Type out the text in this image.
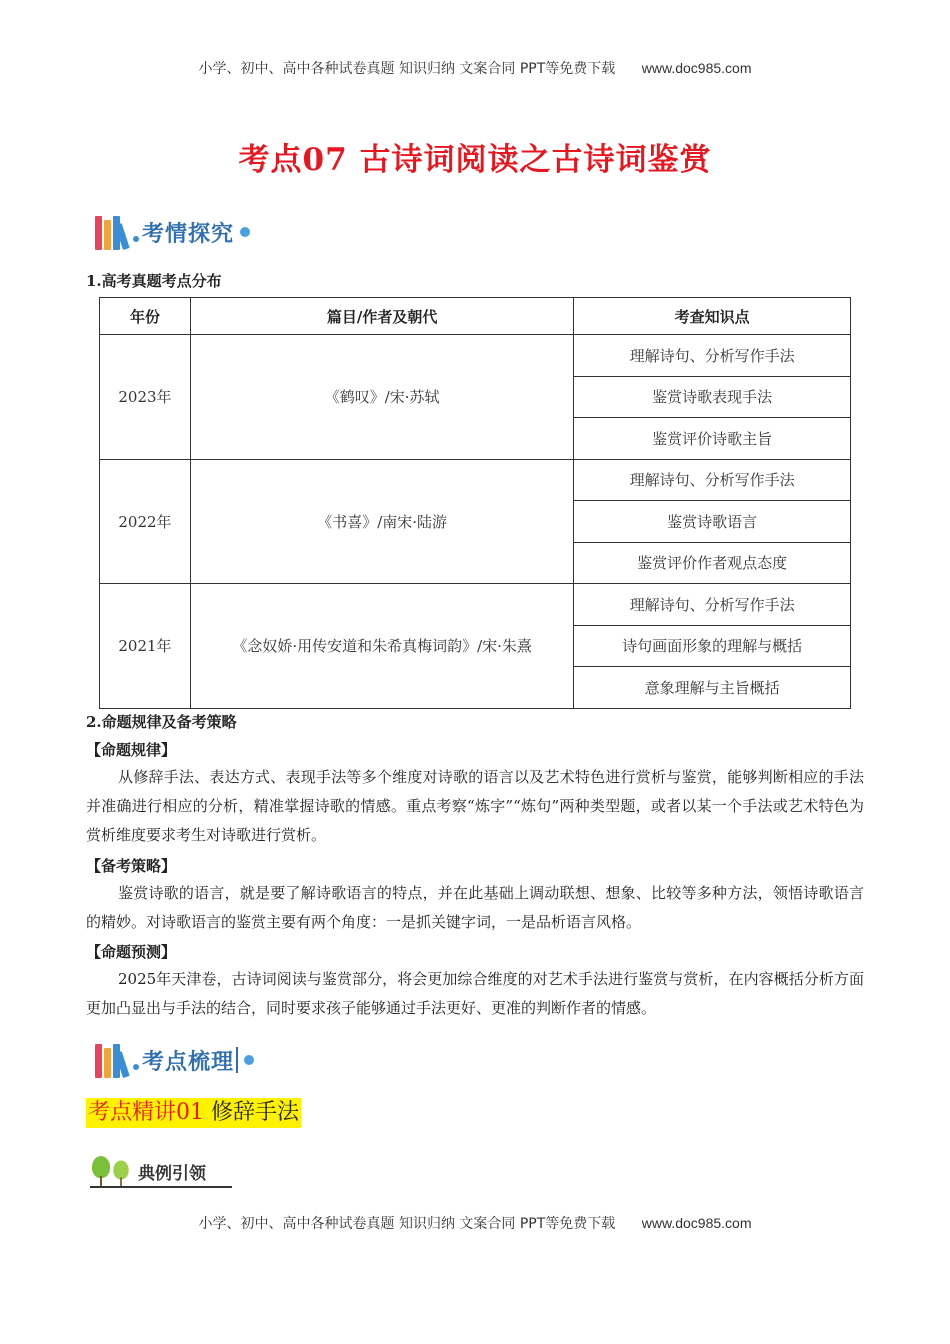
小学、初中、高中各种试卷真题 知识归纳 文案合同 PPT等免费下载 www.doc985.com
考点07 古诗词阅读之古诗词鉴赏
考情探究
1.高考真题考点分布
年份	篇目/作者及朝代	考查知识点
2023年	《鹤叹》/宋·苏轼	理解诗句、分析写作手法
		鉴赏诗歌表现手法
		鉴赏评价诗歌主旨
2022年	《书喜》/南宋·陆游	理解诗句、分析写作手法
		鉴赏诗歌语言
		鉴赏评价作者观点态度
2021年	《念奴娇·用传安道和朱希真梅词韵》/宋·朱熹	理解诗句、分析写作手法
		诗句画面形象的理解与概括
		意象理解与主旨概括
2.命题规律及备考策略
【命题规律】
从修辞手法、表达方式、表现手法等多个维度对诗歌的语言以及艺术特色进行赏析与鉴赏，能够判断相应的手法并准确进行相应的分析，精准掌握诗歌的情感。重点考察“炼字”“炼句”两种类型题，或者以某一个手法或艺术特色为赏析维度要求考生对诗歌进行赏析。
【备考策略】
鉴赏诗歌的语言，就是要了解诗歌语言的特点，并在此基础上调动联想、想象、比较等多种方法，领悟诗歌语言的精妙。对诗歌语言的鉴赏主要有两个角度：一是抓关键字词，一是品析语言风格。
【命题预测】
2025年天津卷，古诗词阅读与鉴赏部分，将会更加综合维度的对艺术手法进行鉴赏与赏析，在内容概括分析方面更加凸显出与手法的结合，同时要求孩子能够通过手法更好、更准的判断作者的情感。
考点梳理
考点精讲01 修辞手法
典例引领
小学、初中、高中各种试卷真题 知识归纳 文案合同 PPT等免费下载 www.doc985.com
